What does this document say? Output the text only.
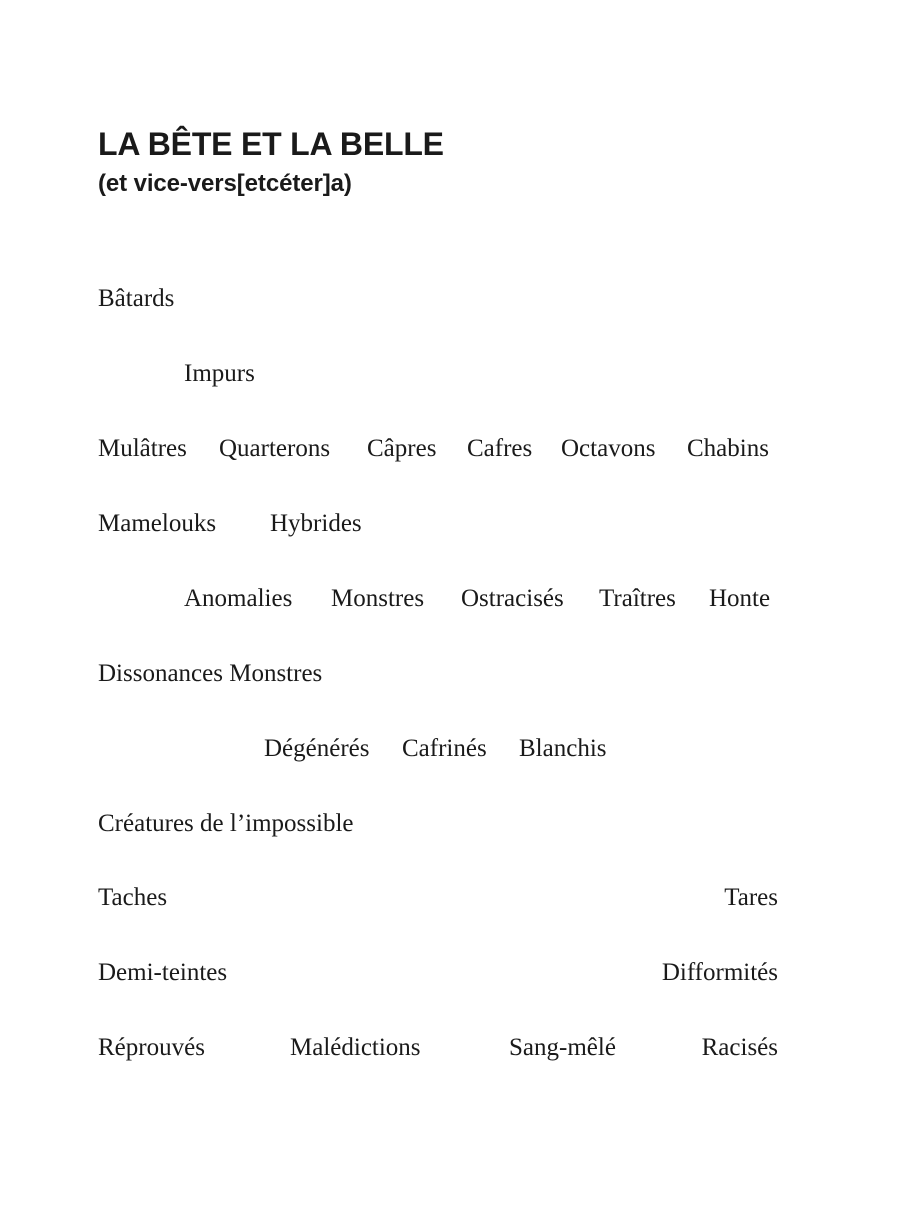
LA BÊTE ET LA BELLE
(et vice-vers[etcéter]a)
Bâtards
Impurs
Mulâtres Quarterons Câpres Cafres Octavons Chabins
Mamelouks Hybrides
Anomalies Monstres Ostracisés Traîtres Honte
Dissonances Monstres
Dégénérés Cafrinés Blanchis
Créatures de l’impossible
Taches	Tares
Demi-teintes	Difformités
Réprouvés	Malédictions	Sang-mêlé	Racisés
